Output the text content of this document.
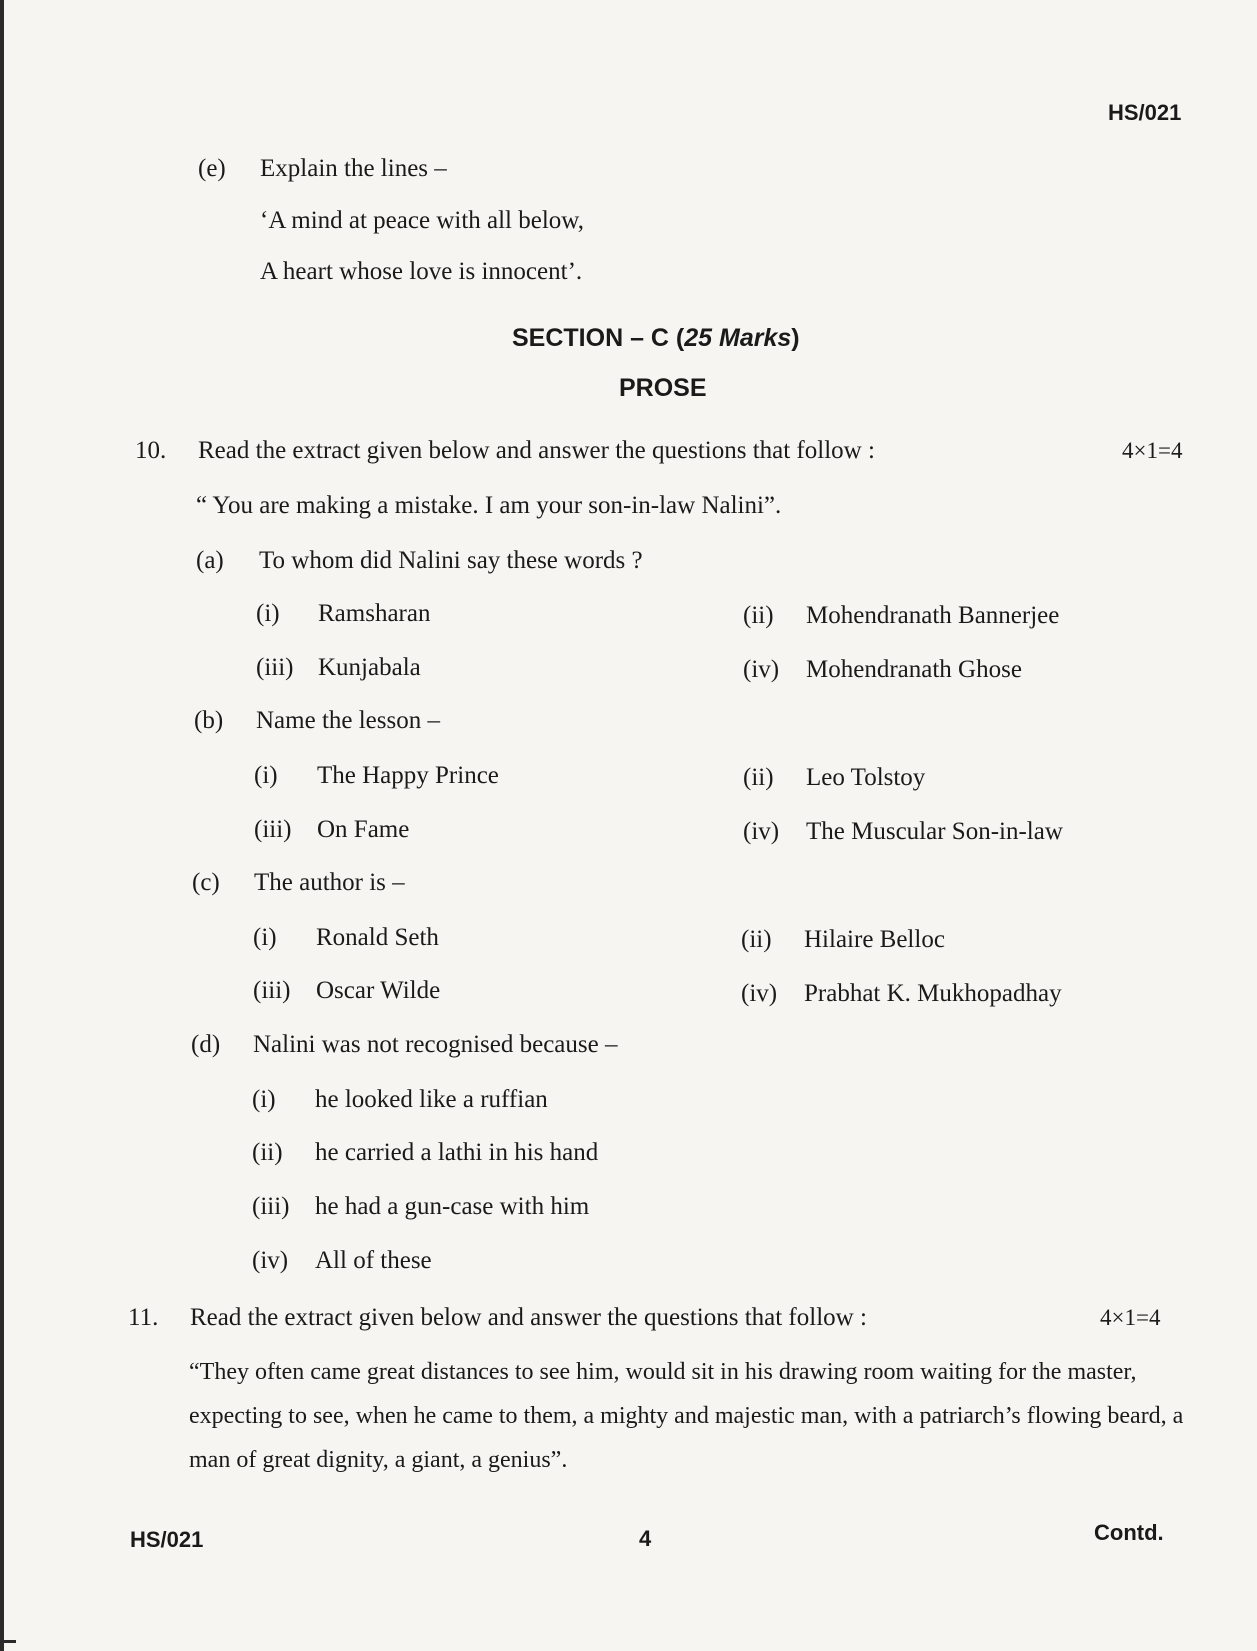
HS/021
(e) Explain the lines –
‘A mind at peace with all below,
A heart whose love is innocent’.
SECTION – C (25 Marks)
PROSE
10. Read the extract given below and answer the questions that follow :	4×1=4
“ You are making a mistake. I am your son-in-law Nalini”.
(a) To whom did Nalini say these words ?
(i) Ramsharan	(ii) Mohendranath Bannerjee
(iii) Kunjabala	(iv) Mohendranath Ghose
(b) Name the lesson –
(i) The Happy Prince	(ii) Leo Tolstoy
(iii) On Fame	(iv) The Muscular Son-in-law
(c) The author is –
(i) Ronald Seth	(ii) Hilaire Belloc
(iii) Oscar Wilde	(iv) Prabhat K. Mukhopadhay
(d) Nalini was not recognised because –
(i) he looked like a ruffian
(ii) he carried a lathi in his hand
(iii) he had a gun-case with him
(iv) All of these
11. Read the extract given below and answer the questions that follow :	4×1=4
“They often came great distances to see him, would sit in his drawing room waiting for the master, expecting to see, when he came to them, a mighty and majestic man, with a patriarch’s flowing beard, a man of great dignity, a giant, a genius”.
HS/021	4	Contd.
